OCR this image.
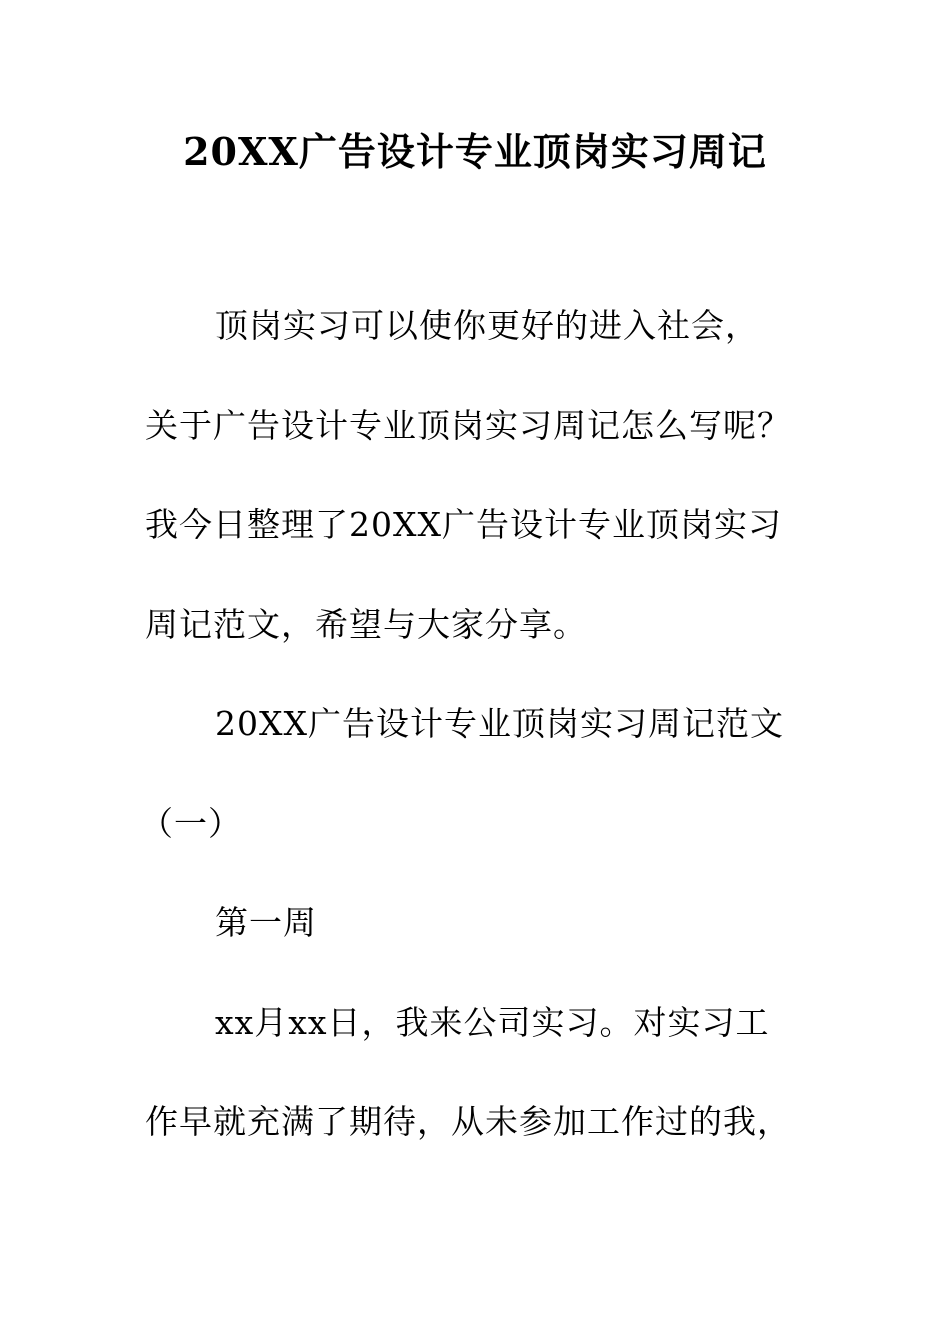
20XX广告设计专业顶岗实习周记
顶岗实习可以使你更好的进入社会，
关于广告设计专业顶岗实习周记怎么写呢？
我今日整理了20XX广告设计专业顶岗实习
周记范文，希望与大家分享。
20XX广告设计专业顶岗实习周记范文
（一）
第一周
xx月xx日，我来公司实习。对实习工
作早就充满了期待，从未参加工作过的我，
